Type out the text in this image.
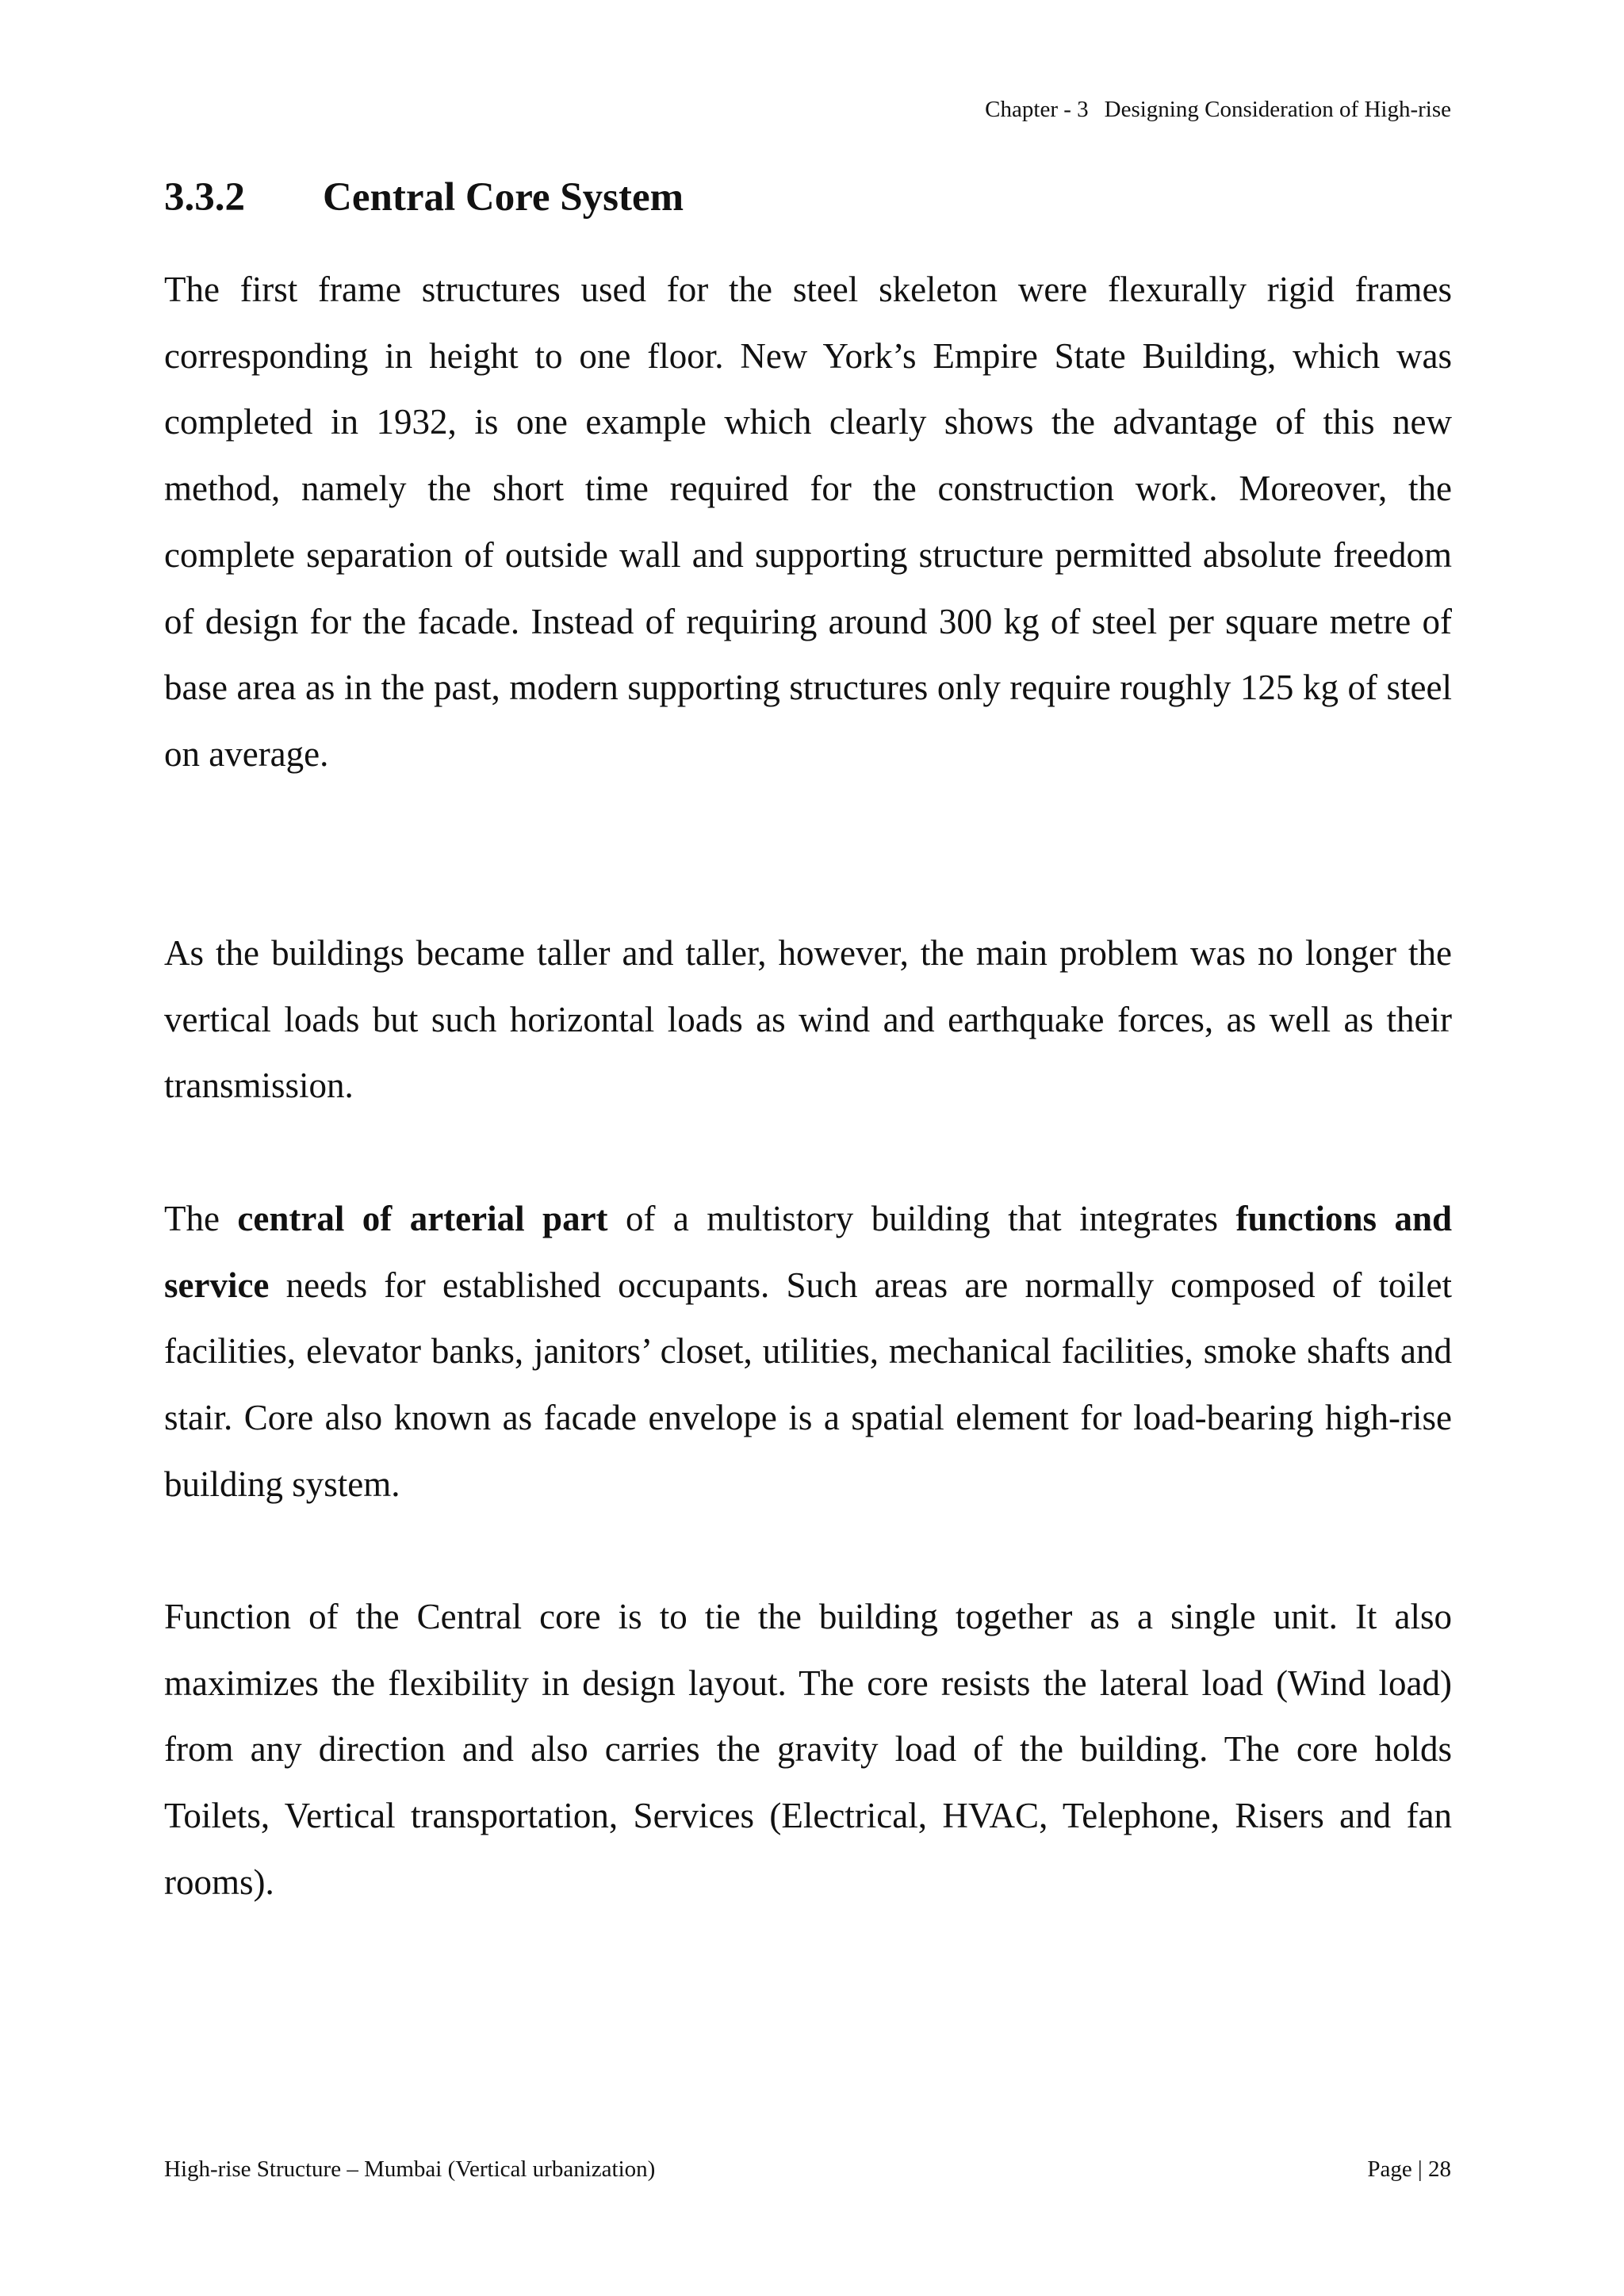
Chapter - 3 Designing Consideration of High-rise
3.3.2 Central Core System

The first frame structures used for the steel skeleton were flexurally rigid frames corresponding in height to one floor. New York’s Empire State Building, which was completed in 1932, is one example which clearly shows the advantage of this new method, namely the short time required for the construction work. Moreover, the complete separation of outside wall and supporting structure permitted absolute freedom of design for the facade. Instead of requiring around 300 kg of steel per square metre of base area as in the past, modern supporting structures only require roughly 125 kg of steel on average.

As the buildings became taller and taller, however, the main problem was no longer the vertical loads but such horizontal loads as wind and earthquake forces, as well as their transmission.

The central of arterial part of a multistory building that integrates functions and service needs for established occupants. Such areas are normally composed of toilet facilities, elevator banks, janitors’ closet, utilities, mechanical facilities, smoke shafts and stair. Core also known as facade envelope is a spatial element for load-bearing high-rise building system.

Function of the Central core is to tie the building together as a single unit. It also maximizes the flexibility in design layout. The core resists the lateral load (Wind load) from any direction and also carries the gravity load of the building. The core holds Toilets, Vertical transportation, Services (Electrical, HVAC, Telephone, Risers and fan rooms).

High-rise Structure – Mumbai (Vertical urbanization)	Page | 28
